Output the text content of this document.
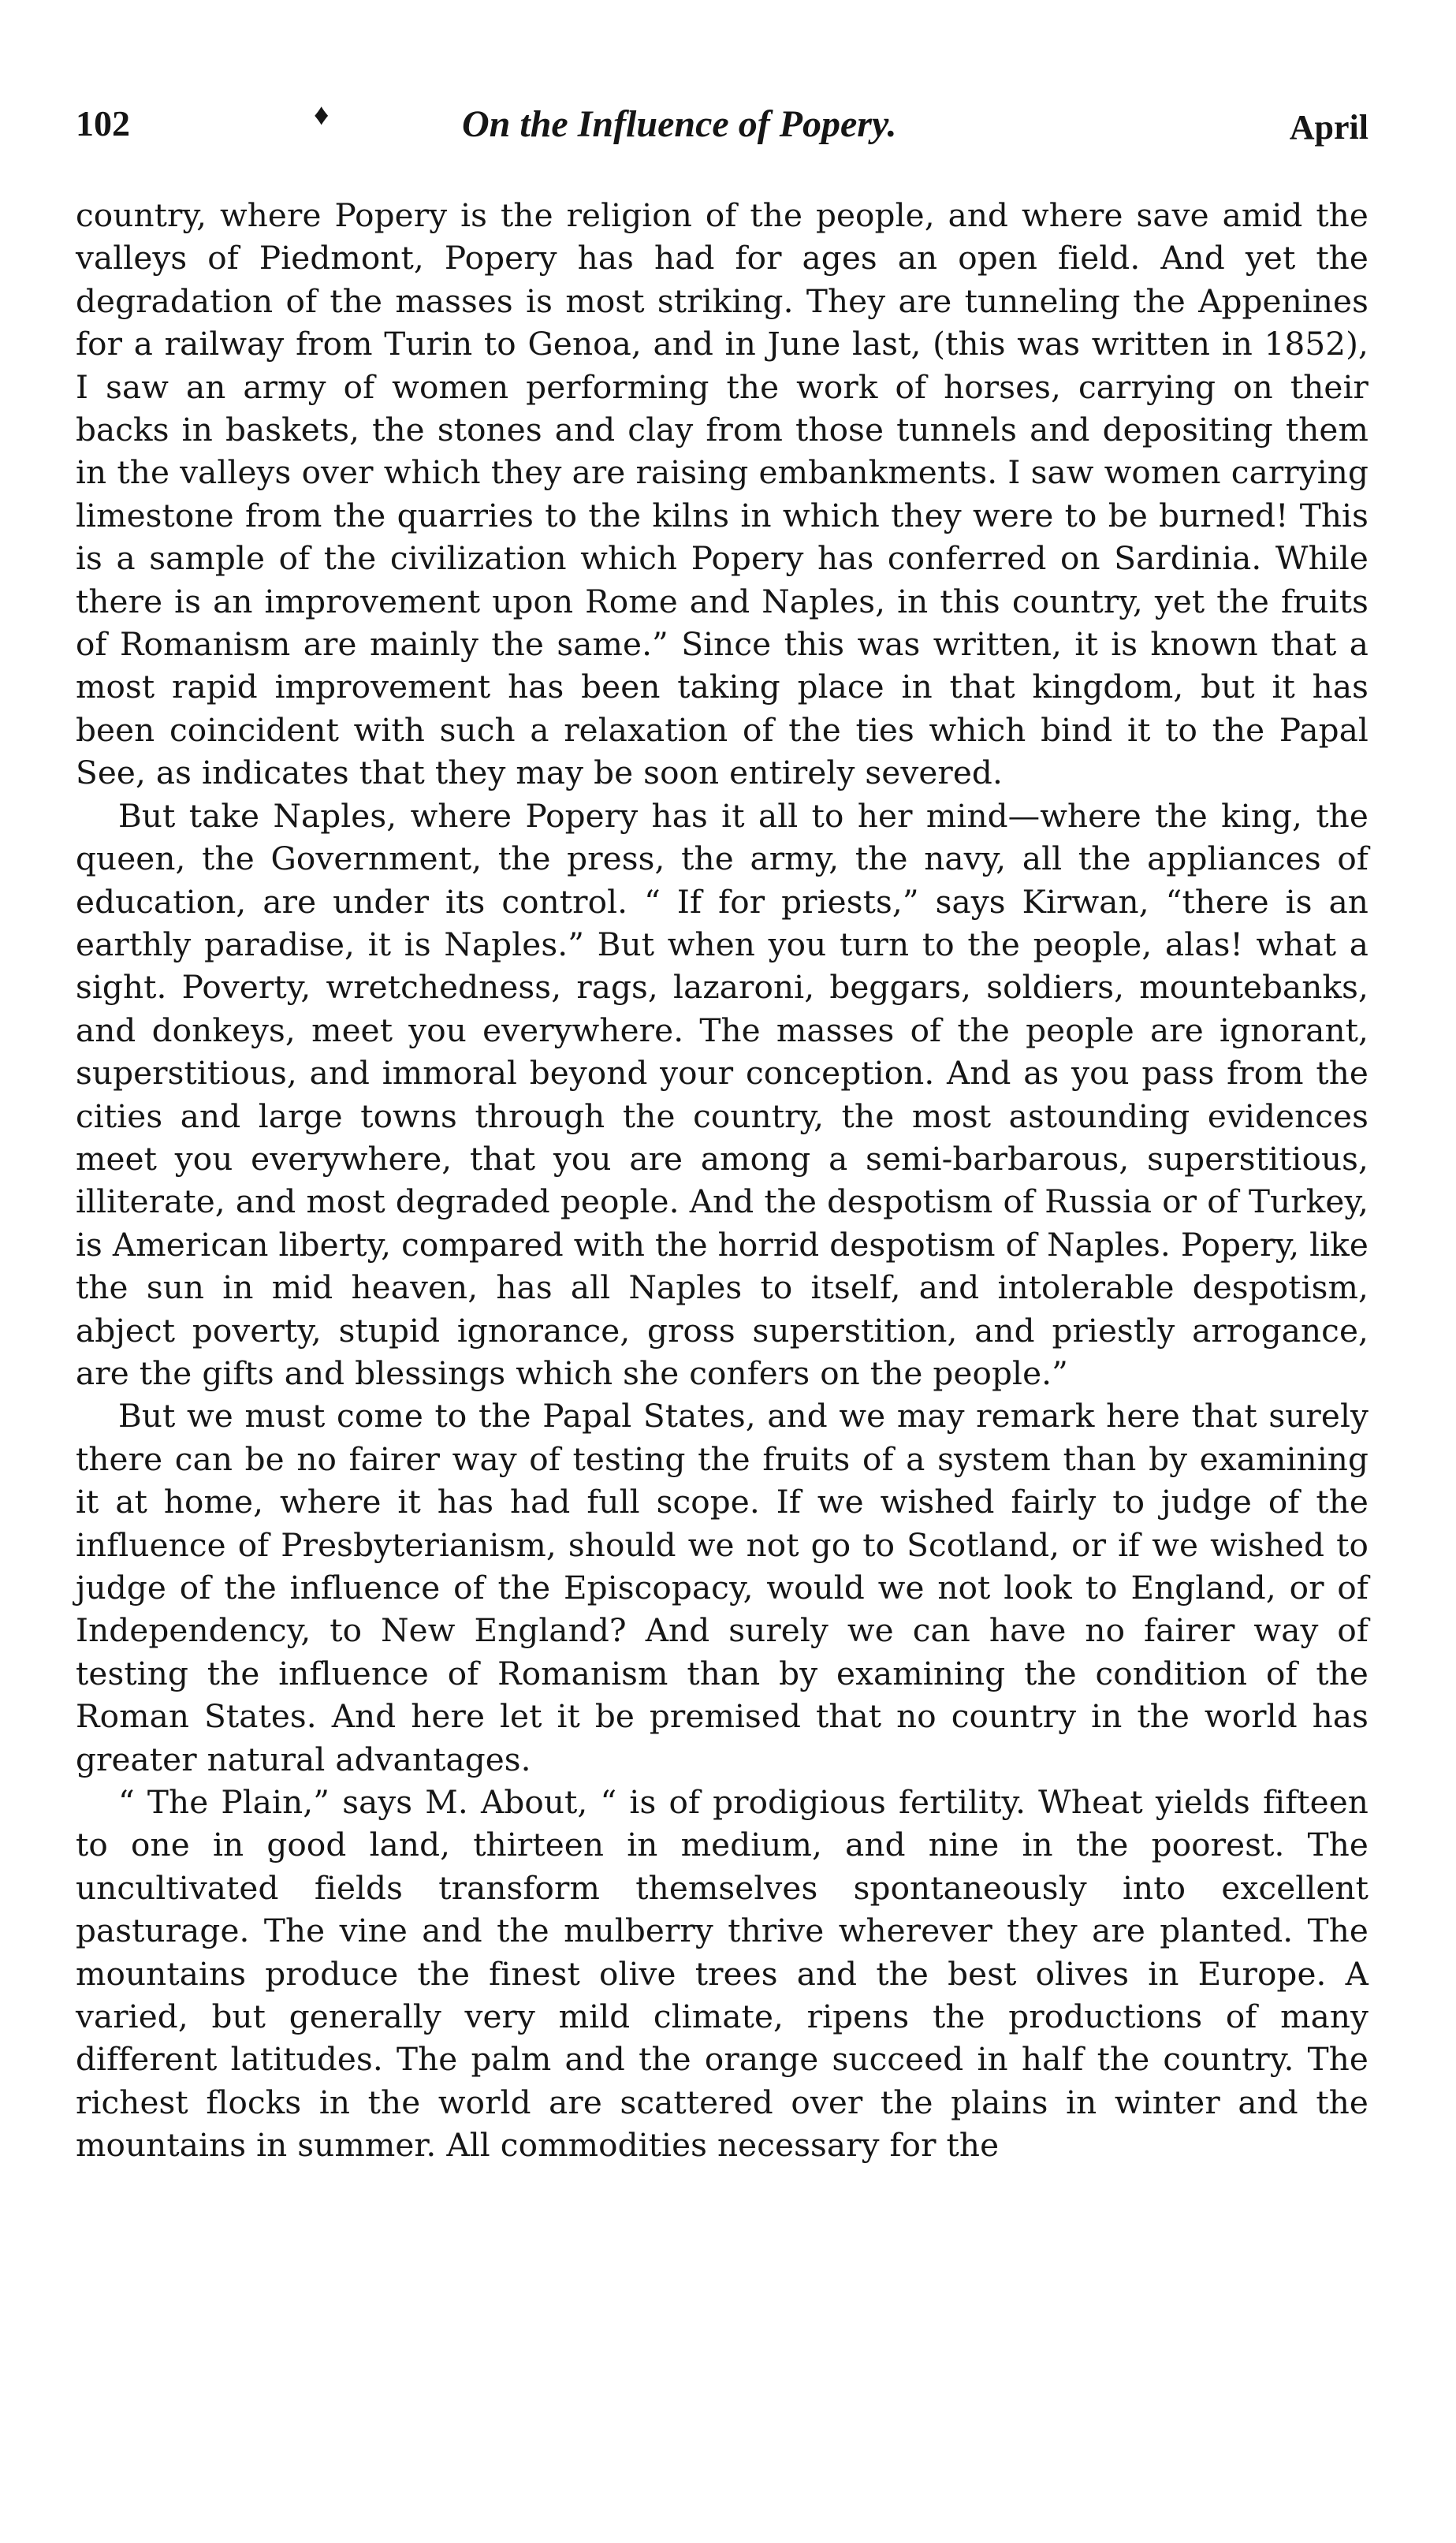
102	♦	On the Influence of Popery.	April

country, where Popery is the religion of the people, and where save amid the valleys of Piedmont, Popery has had for ages an open field. And yet the degradation of the masses is most striking. They are tunneling the Appenines for a railway from Turin to Genoa, and in June last, (this was written in 1852), I saw an army of women performing the work of horses, carrying on their backs in baskets, the stones and clay from those tunnels and depositing them in the valleys over which they are raising embankments. I saw women carrying limestone from the quarries to the kilns in which they were to be burned! This is a sample of the civilization which Popery has conferred on Sardinia. While there is an improvement upon Rome and Naples, in this country, yet the fruits of Romanism are mainly the same.” Since this was written, it is known that a most rapid improvement has been taking place in that kingdom, but it has been coincident with such a relaxation of the ties which bind it to the Papal See, as indicates that they may be soon entirely severed.

But take Naples, where Popery has it all to her mind—where the king, the queen, the Government, the press, the army, the navy, all the appliances of education, are under its control. “ If for priests,” says Kirwan, “there is an earthly paradise, it is Naples.” But when you turn to the people, alas! what a sight. Poverty, wretchedness, rags, lazaroni, beggars, soldiers, mountebanks, and donkeys, meet you everywhere. The masses of the people are ignorant, superstitious, and immoral beyond your conception. And as you pass from the cities and large towns through the country, the most astounding evidences meet you everywhere, that you are among a semi-barbarous, superstitious, illiterate, and most degraded people. And the despotism of Russia or of Turkey, is American liberty, compared with the horrid despotism of Naples. Popery, like the sun in mid heaven, has all Naples to itself, and intolerable despotism, abject poverty, stupid ignorance, gross superstition, and priestly arrogance, are the gifts and blessings which she confers on the people.”

But we must come to the Papal States, and we may remark here that surely there can be no fairer way of testing the fruits of a system than by examining it at home, where it has had full scope. If we wished fairly to judge of the influence of Presbyterianism, should we not go to Scotland, or if we wished to judge of the influence of the Episcopacy, would we not look to England, or of Independency, to New England? And surely we can have no fairer way of testing the influence of Romanism than by examining the condition of the Roman States. And here let it be premised that no country in the world has greater natural advantages.

“ The Plain,” says M. About, “ is of prodigious fertility. Wheat yields fifteen to one in good land, thirteen in medium, and nine in the poorest. The uncultivated fields transform themselves spontaneously into excellent pasturage. The vine and the mulberry thrive wherever they are planted. The mountains produce the finest olive trees and the best olives in Europe. A varied, but generally very mild climate, ripens the productions of many different latitudes. The palm and the orange succeed in half the country. The richest flocks in the world are scattered over the plains in winter and the mountains in summer. All commodities necessary for the
